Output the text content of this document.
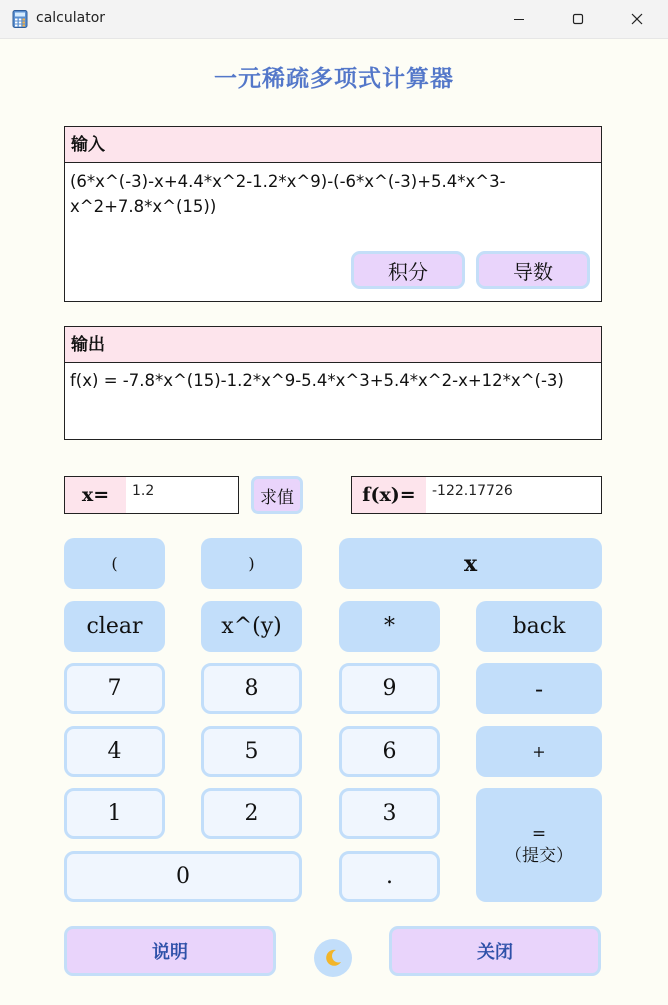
calculator
一元稀疏多项式计算器
输入
(6*x^(-3)-x+4.4*x^2-1.2*x^9)-(-6*x^(-3)+5.4*x^3-x^2+7.8*x^(15))
积分	导数
输出
f(x) = -7.8*x^(15)-1.2*x^9-5.4*x^3+5.4*x^2-x+12*x^(-3)
x=	1.2	求值	f(x)=	-122.17726
(	)	x
clear	x^(y)	*	back
7	8	9	-
4	5	6	+
1	2	3
=
（提交）
0	.
说明	关闭
